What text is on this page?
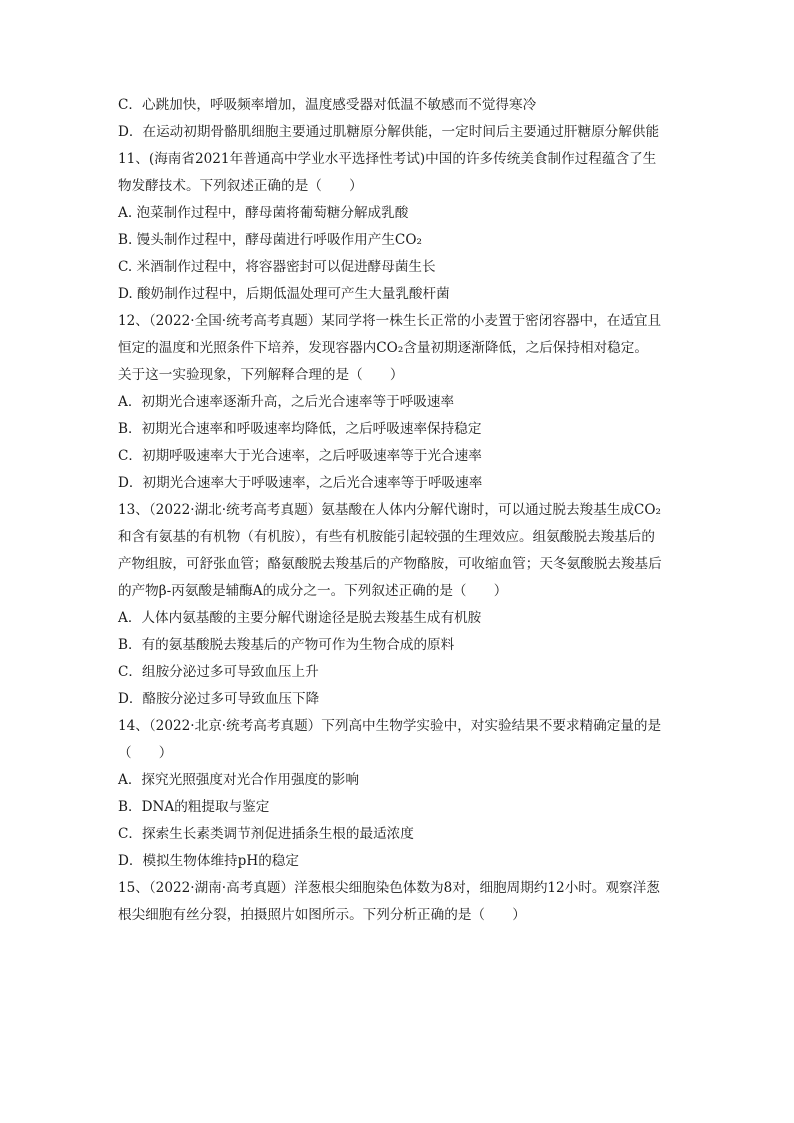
C．心跳加快，呼吸频率增加，温度感受器对低温不敏感而不觉得寒冷
D．在运动初期骨骼肌细胞主要通过肌糖原分解供能，一定时间后主要通过肝糖原分解供能
11、(海南省2021年普通高中学业水平选择性考试)中国的许多传统美食制作过程蕴含了生
物发酵技术。下列叙述正确的是（　　）
A. 泡菜制作过程中，酵母菌将葡萄糖分解成乳酸
B. 馒头制作过程中，酵母菌进行呼吸作用产生CO₂
C. 米酒制作过程中，将容器密封可以促进酵母菌生长
D. 酸奶制作过程中，后期低温处理可产生大量乳酸杆菌
12、（2022·全国·统考高考真题）某同学将一株生长正常的小麦置于密闭容器中，在适宜且
恒定的温度和光照条件下培养，发现容器内CO₂含量初期逐渐降低，之后保持相对稳定。
关于这一实验现象，下列解释合理的是（　　）
A．初期光合速率逐渐升高，之后光合速率等于呼吸速率
B．初期光合速率和呼吸速率均降低，之后呼吸速率保持稳定
C．初期呼吸速率大于光合速率，之后呼吸速率等于光合速率
D．初期光合速率大于呼吸速率，之后光合速率等于呼吸速率
13、（2022·湖北·统考高考真题）氨基酸在人体内分解代谢时，可以通过脱去羧基生成CO₂
和含有氨基的有机物（有机胺），有些有机胺能引起较强的生理效应。组氨酸脱去羧基后的
产物组胺，可舒张血管；酪氨酸脱去羧基后的产物酪胺，可收缩血管；天冬氨酸脱去羧基后
的产物β-丙氨酸是辅酶A的成分之一。下列叙述正确的是（　　）
A．人体内氨基酸的主要分解代谢途径是脱去羧基生成有机胺
B．有的氨基酸脱去羧基后的产物可作为生物合成的原料
C．组胺分泌过多可导致血压上升
D．酪胺分泌过多可导致血压下降
14、（2022·北京·统考高考真题）下列高中生物学实验中，对实验结果不要求精确定量的是
（　　）
A．探究光照强度对光合作用强度的影响
B．DNA的粗提取与鉴定
C．探索生长素类调节剂促进插条生根的最适浓度
D．模拟生物体维持pH的稳定
15、（2022·湖南·高考真题）洋葱根尖细胞染色体数为8对，细胞周期约12小时。观察洋葱
根尖细胞有丝分裂，拍摄照片如图所示。下列分析正确的是（　　）
